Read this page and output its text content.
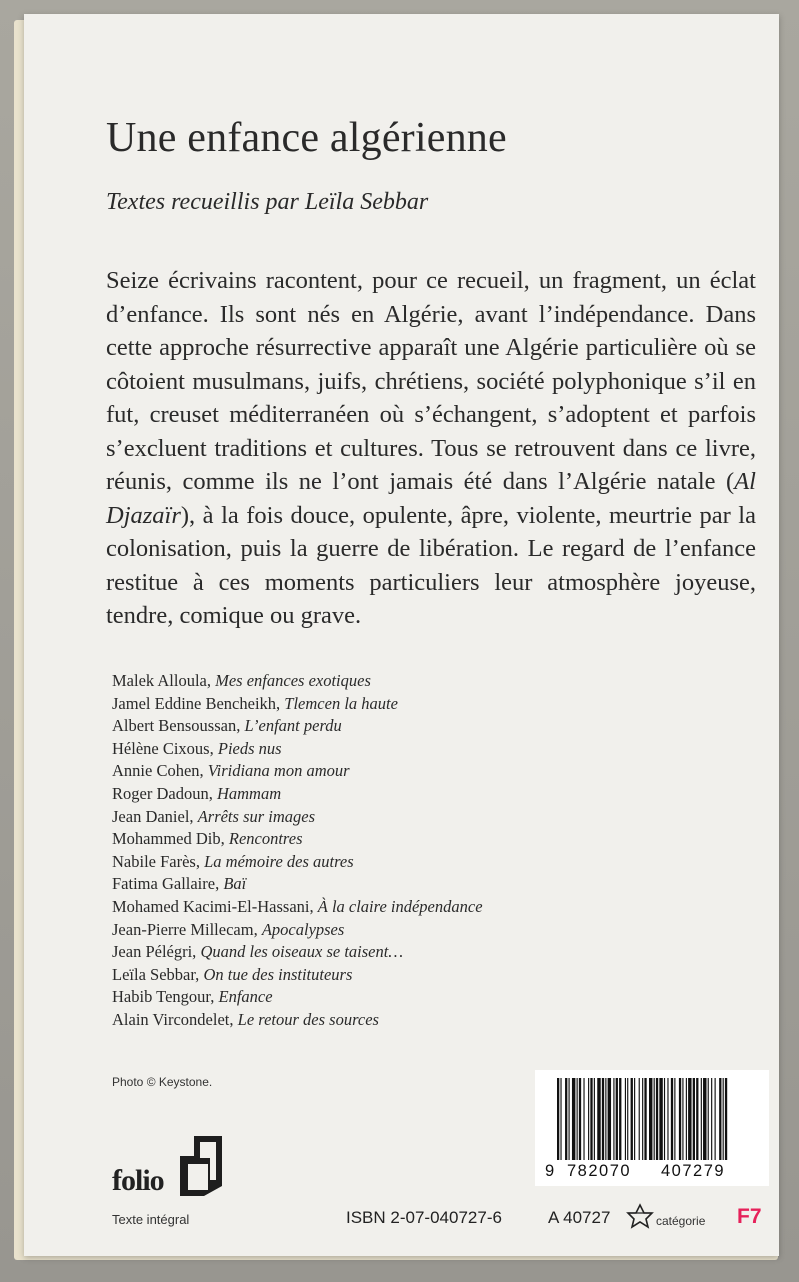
Une enfance algérienne
Textes recueillis par Leïla Sebbar

Seize écrivains racontent, pour ce recueil, un fragment, un éclat d’enfance. Ils sont nés en Algérie, avant l’indépendance. Dans cette approche résurrective apparaît une Algérie particulière où se côtoient musulmans, juifs, chrétiens, société polyphonique s’il en fut, creuset méditerranéen où s’échangent, s’adoptent et parfois s’excluent traditions et cultures. Tous se retrouvent dans ce livre, réunis, comme ils ne l’ont jamais été dans l’Algérie natale (Al Djazaïr), à la fois douce, opulente, âpre, violente, meurtrie par la colonisation, puis la guerre de libération. Le regard de l’enfance restitue à ces moments particuliers leur atmosphère joyeuse, tendre, comique ou grave.

Malek Alloula, Mes enfances exotiques
Jamel Eddine Bencheikh, Tlemcen la haute
Albert Bensoussan, L’enfant perdu
Hélène Cixous, Pieds nus
Annie Cohen, Viridiana mon amour
Roger Dadoun, Hammam
Jean Daniel, Arrêts sur images
Mohammed Dib, Rencontres
Nabile Farès, La mémoire des autres
Fatima Gallaire, Baï
Mohamed Kacimi-El-Hassani, À la claire indépendance
Jean-Pierre Millecam, Apocalypses
Jean Pélégri, Quand les oiseaux se taisent…
Leïla Sebbar, On tue des instituteurs
Habib Tengour, Enfance
Alain Vircondelet, Le retour des sources
Photo © Keystone.
folio
Texte intégral	ISBN 2-07-040727-6	A 40727	catégorie F7
9 782070 407279
